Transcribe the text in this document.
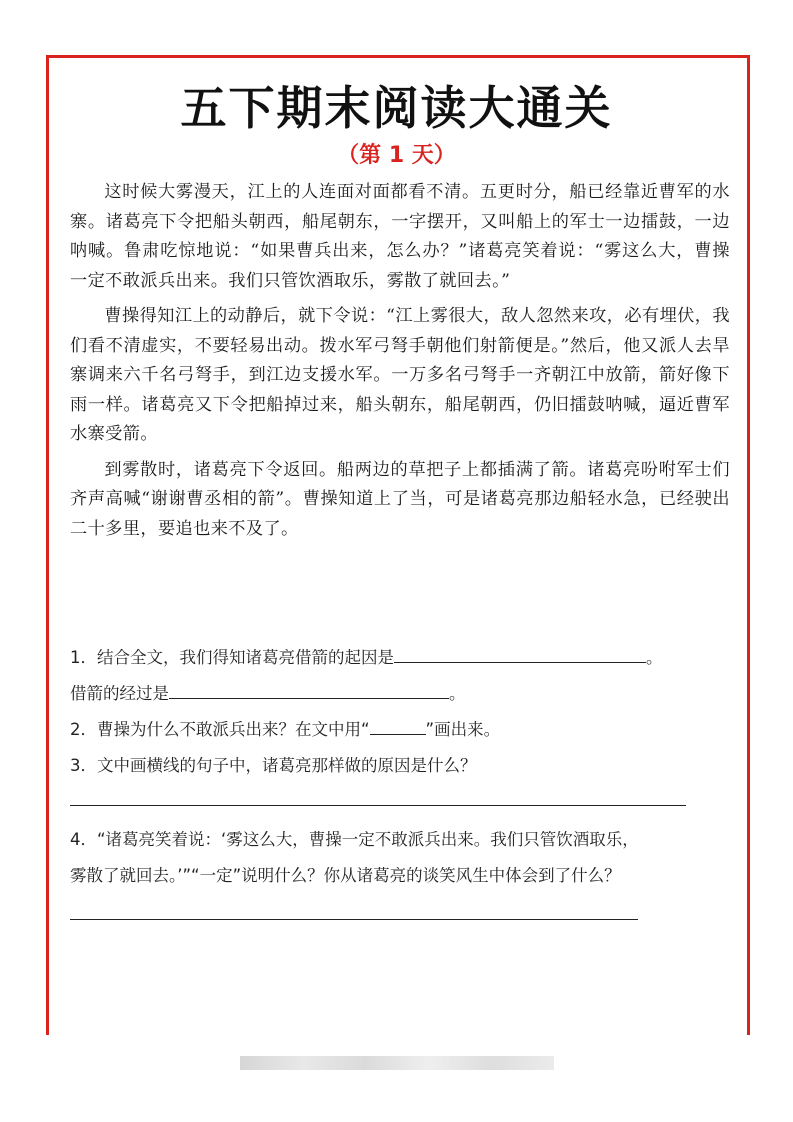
五下期末阅读大通关
（第 1 天）

这时候大雾漫天，江上的人连面对面都看不清。五更时分，船已经靠近曹军的水寨。诸葛亮下令把船头朝西，船尾朝东，一字摆开，又叫船上的军士一边擂鼓，一边呐喊。鲁肃吃惊地说：“如果曹兵出来，怎么办？”诸葛亮笑着说：“雾这么大，曹操一定不敢派兵出来。我们只管饮酒取乐，雾散了就回去。”

曹操得知江上的动静后，就下令说：“江上雾很大，敌人忽然来攻，必有埋伏，我们看不清虚实，不要轻易出动。拨水军弓弩手朝他们射箭便是。”然后，他又派人去旱寨调来六千名弓弩手，到江边支援水军。一万多名弓弩手一齐朝江中放箭，箭好像下雨一样。诸葛亮又下令把船掉过来，船头朝东，船尾朝西，仍旧擂鼓呐喊，逼近曹军水寨受箭。

到雾散时，诸葛亮下令返回。船两边的草把子上都插满了箭。诸葛亮吩咐军士们齐声高喊“谢谢曹丞相的箭”。曹操知道上了当，可是诸葛亮那边船轻水急，已经驶出二十多里，要追也来不及了。

1．结合全文，我们得知诸葛亮借箭的起因是	。
借箭的经过是	。
2．曹操为什么不敢派兵出来？在文中用“	”画出来。
3．文中画横线的句子中，诸葛亮那样做的原因是什么？
4．“诸葛亮笑着说：‘雾这么大，曹操一定不敢派兵出来。我们只管饮酒取乐，
雾散了就回去。’”“一定”说明什么？你从诸葛亮的谈笑风生中体会到了什么？
